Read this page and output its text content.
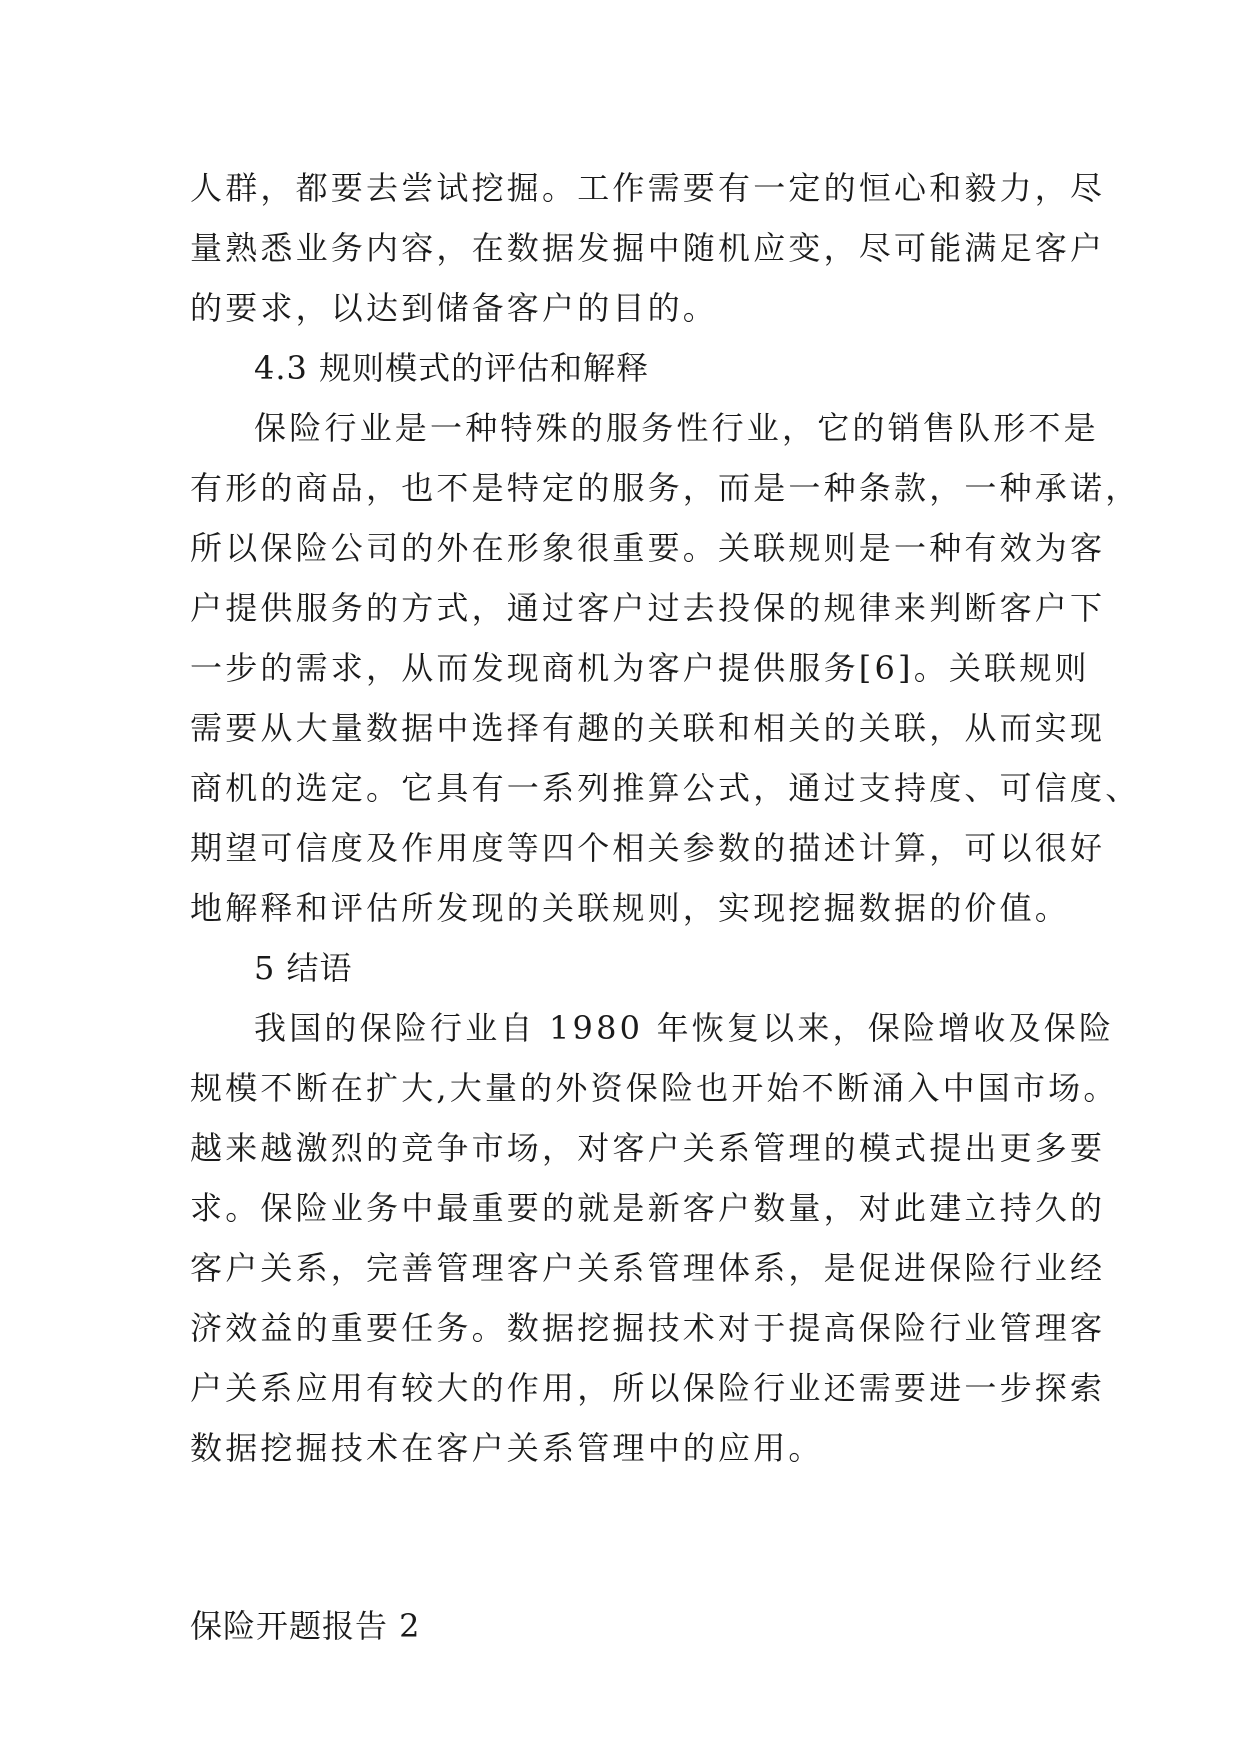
人群，都要去尝试挖掘。工作需要有一定的恒心和毅力，尽
量熟悉业务内容，在数据发掘中随机应变，尽可能满足客户
的要求，以达到储备客户的目的。
4.3 规则模式的评估和解释
保险行业是一种特殊的服务性行业，它的销售队形不是
有形的商品，也不是特定的服务，而是一种条款，一种承诺，
所以保险公司的外在形象很重要。关联规则是一种有效为客
户提供服务的方式，通过客户过去投保的规律来判断客户下
一步的需求，从而发现商机为客户提供服务[6]。关联规则
需要从大量数据中选择有趣的关联和相关的关联，从而实现
商机的选定。它具有一系列推算公式，通过支持度、可信度、
期望可信度及作用度等四个相关参数的描述计算，可以很好
地解释和评估所发现的关联规则，实现挖掘数据的价值。
5 结语
我国的保险行业自 1980 年恢复以来，保险增收及保险
规模不断在扩大,大量的外资保险也开始不断涌入中国市场。
越来越激烈的竞争市场，对客户关系管理的模式提出更多要
求。保险业务中最重要的就是新客户数量，对此建立持久的
客户关系，完善管理客户关系管理体系，是促进保险行业经
济效益的重要任务。数据挖掘技术对于提高保险行业管理客
户关系应用有较大的作用，所以保险行业还需要进一步探索
数据挖掘技术在客户关系管理中的应用。
保险开题报告 2
